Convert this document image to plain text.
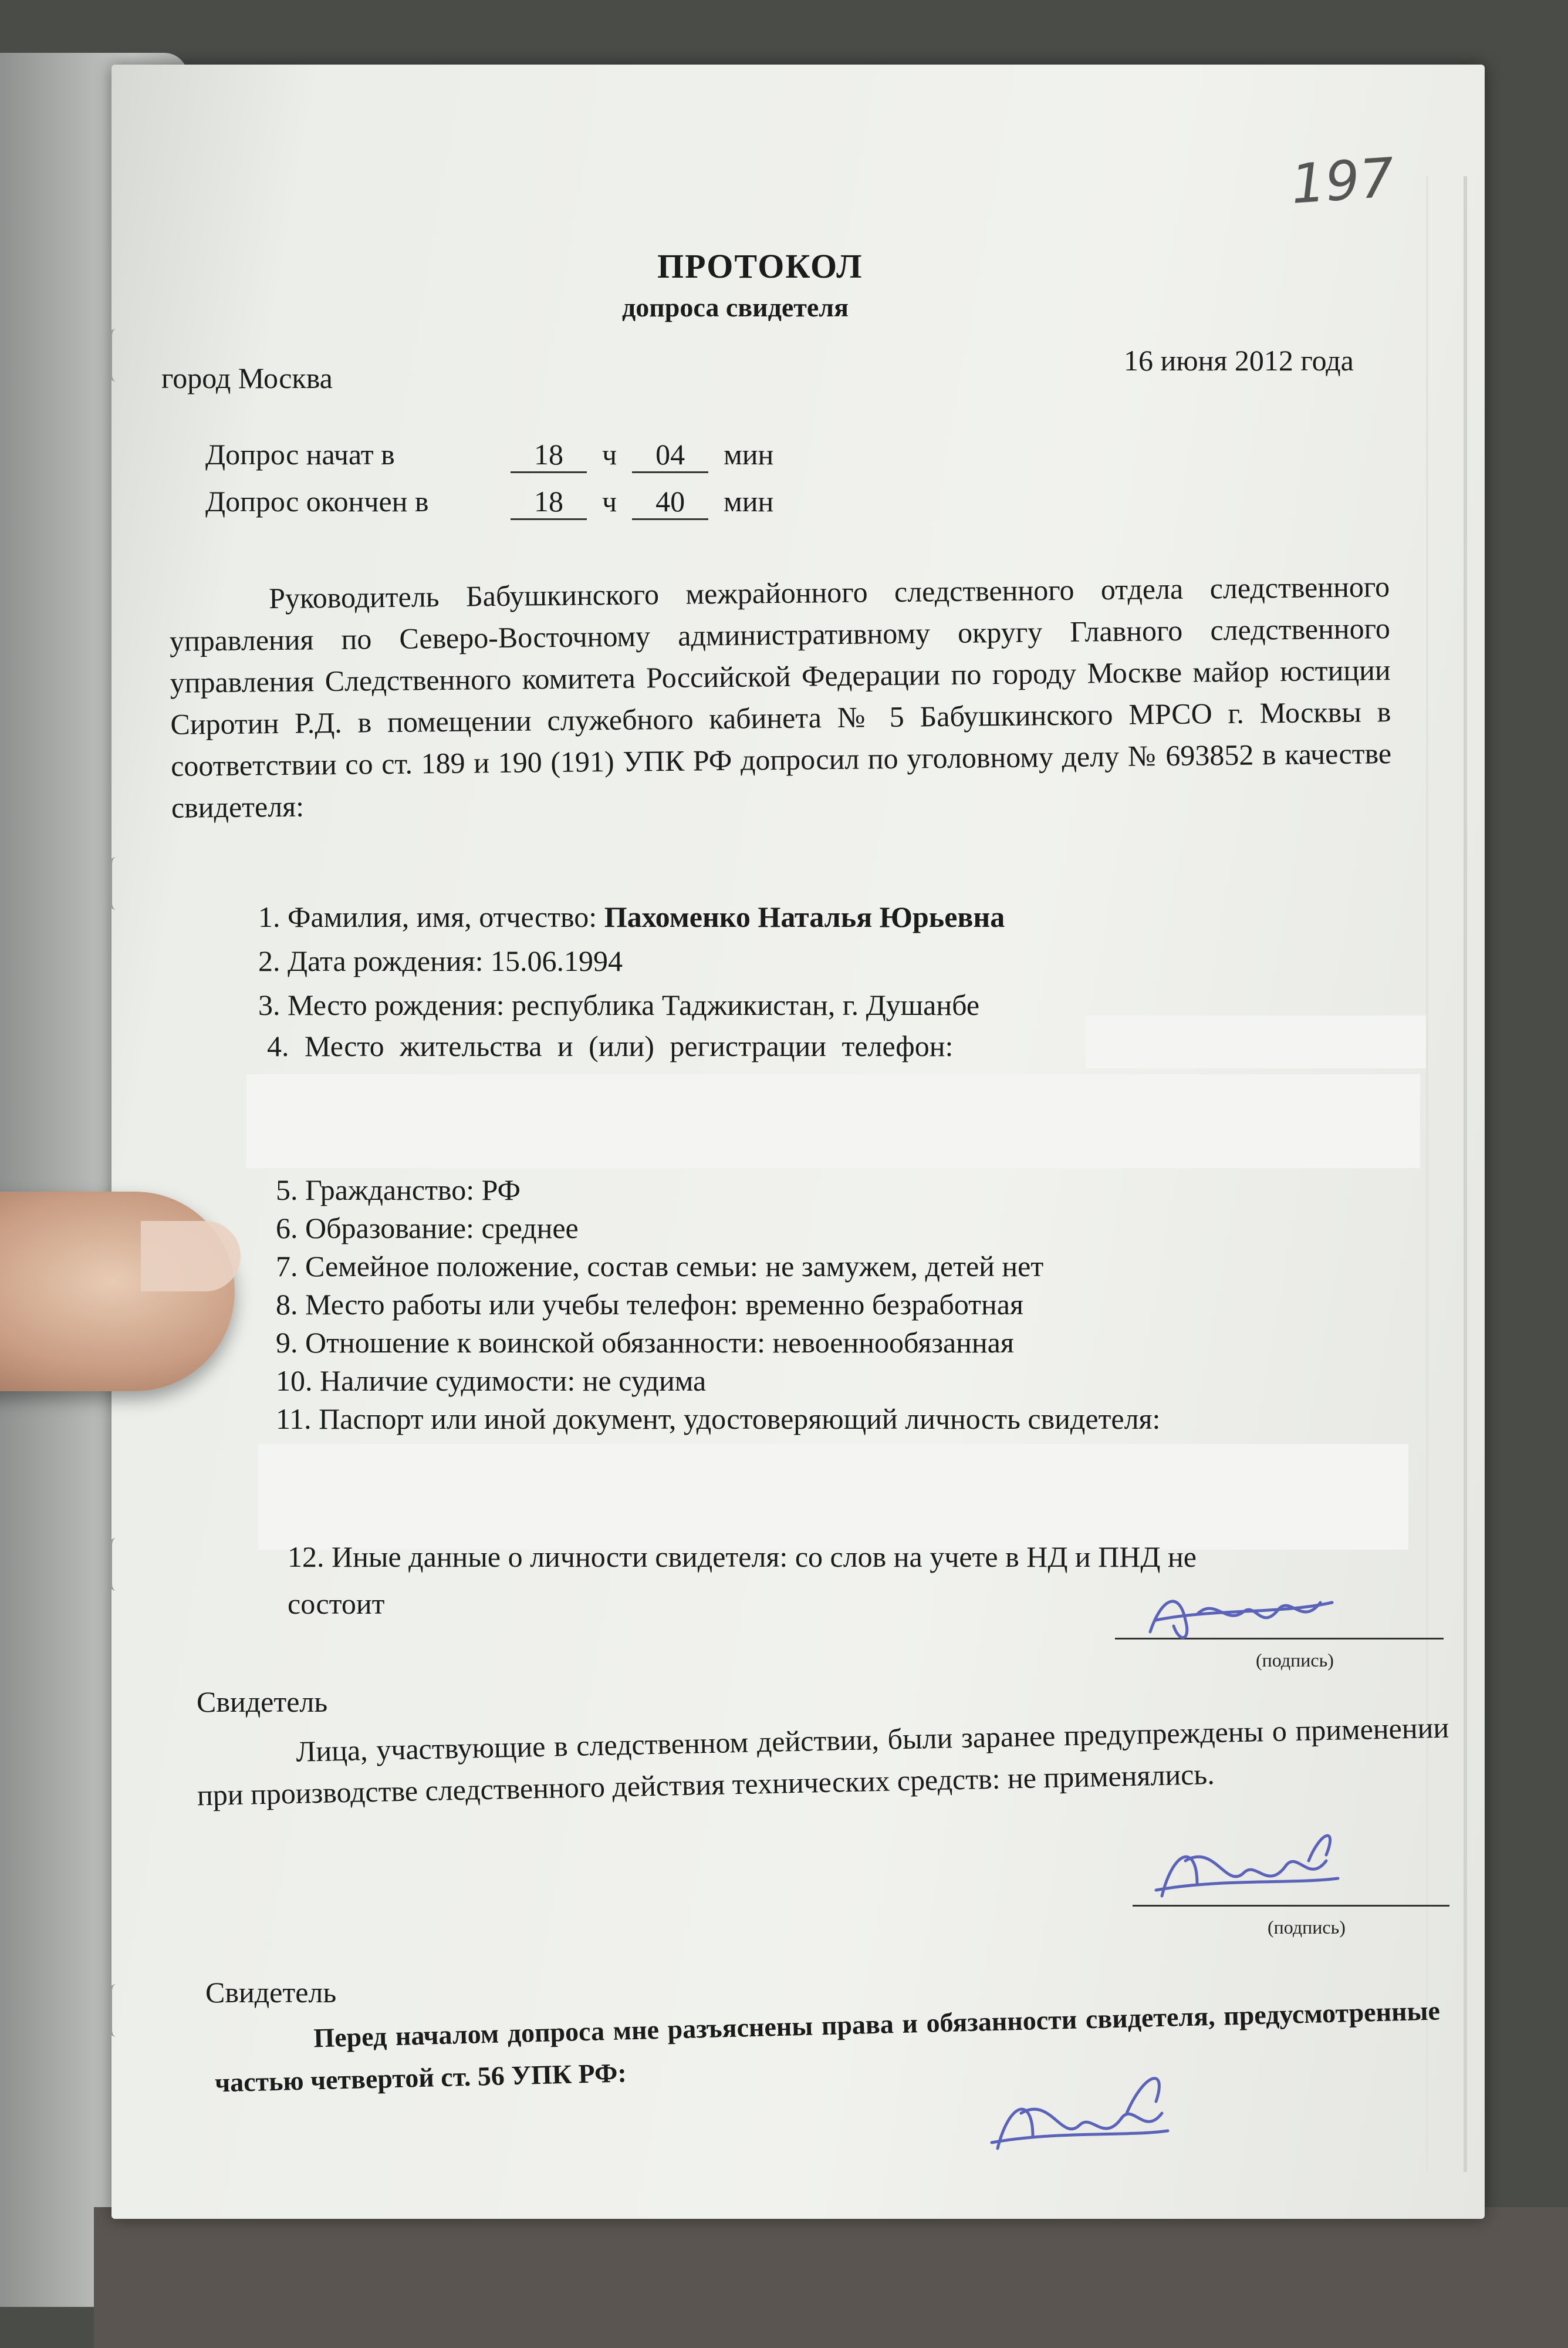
197
ПРОТОКОЛ
допроса свидетеля
город Москва
16 июня 2012 года
Допрос начат в	18	ч	04	мин
Допрос окончен в	18	ч	40	мин
Руководитель Бабушкинского межрайонного следственного отдела следственного управления по Северо-Восточному административному округу Главного следственного управления Следственного комитета Российской Федерации по городу Москве майор юстиции Сиротин Р.Д. в помещении служебного кабинета № 5 Бабушкинского МРСО г. Москвы в соответствии со ст. 189 и 190 (191) УПК РФ допросил по уголовному делу № 693852 в качестве свидетеля:
1. Фамилия, имя, отчество: Пахоменко Наталья Юрьевна
2. Дата рождения: 15.06.1994
3. Место рождения: республика Таджикистан, г. Душанбе
4. Место жительства и (или) регистрации телефон:
5. Гражданство: РФ
6. Образование: среднее
7. Семейное положение, состав семьи: не замужем, детей нет
8. Место работы или учебы телефон: временно безработная
9. Отношение к воинской обязанности: невоеннообязанная
10. Наличие судимости: не судима
11. Паспорт или иной документ, удостоверяющий личность свидетеля:
12. Иные данные о личности свидетеля: со слов на учете в НД и ПНД не
состоит
(подпись)
Свидетель
Лица, участвующие в следственном действии, были заранее предупреждены о применении при производстве следственного действия технических средств: не применялись.
(подпись)
Свидетель
Перед началом допроса мне разъяснены права и обязанности свидетеля, предусмотренные частью четвертой ст. 56 УПК РФ:
